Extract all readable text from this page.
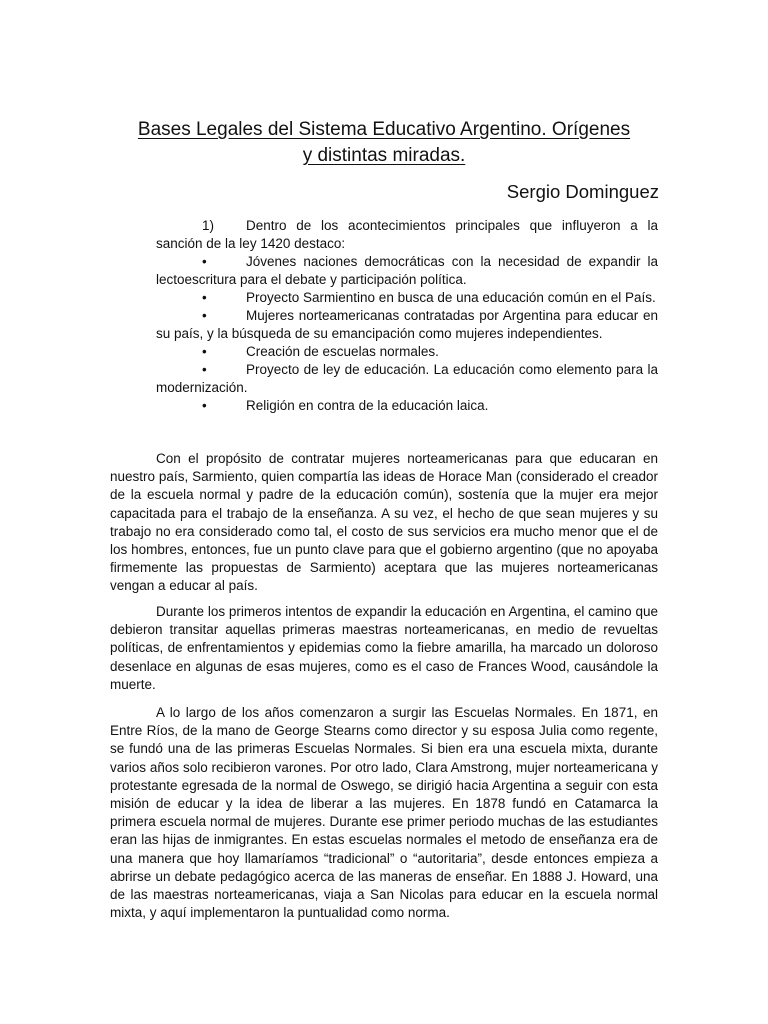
Bases Legales del Sistema Educativo Argentino. Orígenes
y distintas miradas.

Sergio Dominguez

1) Dentro de los acontecimientos principales que influyeron a la sanción de la ley 1420 destaco:

•	Jóvenes naciones democráticas con la necesidad de expandir la lectoescritura para el debate y participación política.

•	Proyecto Sarmientino en busca de una educación común en el País.

•	Mujeres norteamericanas contratadas por Argentina para educar en su país, y la búsqueda de su emancipación como mujeres independientes.

•	Creación de escuelas normales.

•	Proyecto de ley de educación. La educación como elemento para la modernización.

•	Religión en contra de la educación laica.

Con el propósito de contratar mujeres norteamericanas para que educaran en nuestro país, Sarmiento, quien compartía las ideas de Horace Man (considerado el creador de la escuela normal y padre de la educación común), sostenía que la mujer era mejor capacitada para el trabajo de la enseñanza. A su vez, el hecho de que sean mujeres y su trabajo no era considerado como tal, el costo de sus servicios era mucho menor que el de los hombres, entonces, fue un punto clave para que el gobierno argentino (que no apoyaba firmemente las propuestas de Sarmiento) aceptara que las mujeres norteamericanas vengan a educar al país.

Durante los primeros intentos de expandir la educación en Argentina, el camino que debieron transitar aquellas primeras maestras norteamericanas, en medio de revueltas políticas, de enfrentamientos y epidemias como la fiebre amarilla, ha marcado un doloroso desenlace en algunas de esas mujeres, como es el caso de Frances Wood, causándole la muerte.

A lo largo de los años comenzaron a surgir las Escuelas Normales. En 1871, en Entre Ríos, de la mano de George Stearns como director y su esposa Julia como regente, se fundó una de las primeras Escuelas Normales. Si bien era una escuela mixta, durante varios años solo recibieron varones. Por otro lado, Clara Amstrong, mujer norteamericana y protestante egresada de la normal de Oswego, se dirigió hacia Argentina a seguir con esta misión de educar y la idea de liberar a las mujeres. En 1878 fundó en Catamarca la primera escuela normal de mujeres. Durante ese primer periodo muchas de las estudiantes eran las hijas de inmigrantes. En estas escuelas normales el metodo de enseñanza era de una manera que hoy llamaríamos “tradicional” o “autoritaria”, desde entonces empieza a abrirse un debate pedagógico acerca de las maneras de enseñar. En 1888 J. Howard, una de las maestras norteamericanas, viaja a San Nicolas para educar en la escuela normal mixta, y aquí implementaron la puntualidad como norma.
